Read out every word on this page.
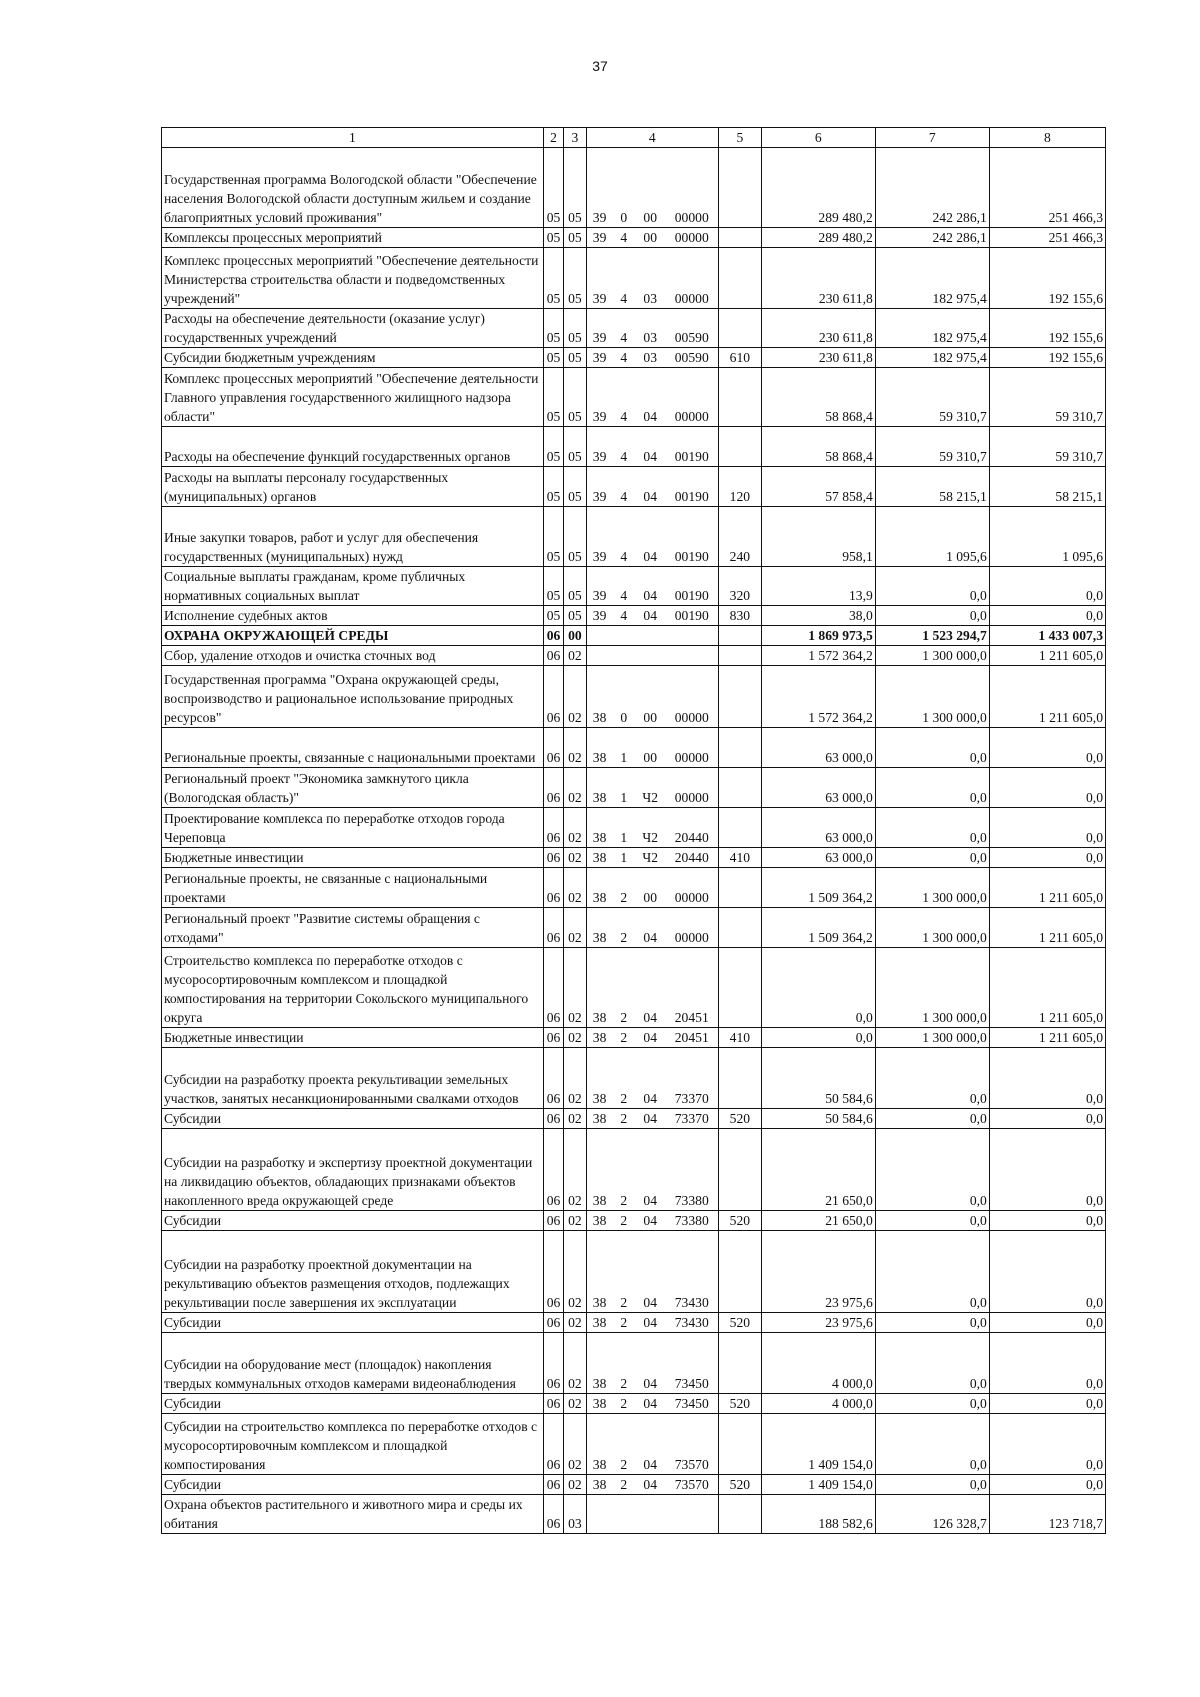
37
1	2	3	4				5	6	7	8
Государственная программа Вологодской области "Обеспечение населения Вологодской области доступным жильем и создание благоприятных условий проживания"	05	05	39	0	00	00000		289 480,2	242 286,1	251 466,3
Комплексы процессных мероприятий	05	05	39	4	00	00000		289 480,2	242 286,1	251 466,3
Комплекс процессных мероприятий "Обеспечение деятельности Министерства строительства области и подведомственных учреждений"	05	05	39	4	03	00000		230 611,8	182 975,4	192 155,6
Расходы на обеспечение деятельности (оказание услуг) государственных учреждений	05	05	39	4	03	00590		230 611,8	182 975,4	192 155,6
Субсидии бюджетным учреждениям	05	05	39	4	03	00590	610	230 611,8	182 975,4	192 155,6
Комплекс процессных мероприятий "Обеспечение деятельности Главного управления государственного жилищного надзора области"	05	05	39	4	04	00000		58 868,4	59 310,7	59 310,7
Расходы на обеспечение функций государственных органов	05	05	39	4	04	00190		58 868,4	59 310,7	59 310,7
Расходы на выплаты персоналу государственных (муниципальных) органов	05	05	39	4	04	00190	120	57 858,4	58 215,1	58 215,1
Иные закупки товаров, работ и услуг для обеспечения государственных (муниципальных) нужд	05	05	39	4	04	00190	240	958,1	1 095,6	1 095,6
Социальные выплаты гражданам, кроме публичных нормативных социальных выплат	05	05	39	4	04	00190	320	13,9	0,0	0,0
Исполнение судебных актов	05	05	39	4	04	00190	830	38,0	0,0	0,0
ОХРАНА ОКРУЖАЮЩЕЙ СРЕДЫ	06	00						1 869 973,5	1 523 294,7	1 433 007,3
Сбор, удаление отходов и очистка сточных вод	06	02						1 572 364,2	1 300 000,0	1 211 605,0
Государственная программа "Охрана окружающей среды, воспроизводство и рациональное использование природных ресурсов"	06	02	38	0	00	00000		1 572 364,2	1 300 000,0	1 211 605,0
Региональные проекты, связанные с национальными проектами	06	02	38	1	00	00000		63 000,0	0,0	0,0
Региональный проект "Экономика замкнутого цикла (Вологодская область)"	06	02	38	1	Ч2	00000		63 000,0	0,0	0,0
Проектирование комплекса по переработке отходов города Череповца	06	02	38	1	Ч2	20440		63 000,0	0,0	0,0
Бюджетные инвестиции	06	02	38	1	Ч2	20440	410	63 000,0	0,0	0,0
Региональные проекты, не связанные с национальными проектами	06	02	38	2	00	00000		1 509 364,2	1 300 000,0	1 211 605,0
Региональный проект "Развитие системы обращения с отходами"	06	02	38	2	04	00000		1 509 364,2	1 300 000,0	1 211 605,0
Строительство комплекса по переработке отходов с мусоросортировочным комплексом и площадкой компостирования на территории Сокольского муниципального округа	06	02	38	2	04	20451		0,0	1 300 000,0	1 211 605,0
Бюджетные инвестиции	06	02	38	2	04	20451	410	0,0	1 300 000,0	1 211 605,0
Субсидии на разработку проекта рекультивации земельных участков, занятых несанкционированными свалками отходов	06	02	38	2	04	73370		50 584,6	0,0	0,0
Субсидии	06	02	38	2	04	73370	520	50 584,6	0,0	0,0
Субсидии на разработку и экспертизу проектной документации на ликвидацию объектов, обладающих признаками объектов накопленного вреда окружающей среде	06	02	38	2	04	73380		21 650,0	0,0	0,0
Субсидии	06	02	38	2	04	73380	520	21 650,0	0,0	0,0
Субсидии на разработку проектной документации на рекультивацию объектов размещения отходов, подлежащих рекультивации после завершения их эксплуатации	06	02	38	2	04	73430		23 975,6	0,0	0,0
Субсидии	06	02	38	2	04	73430	520	23 975,6	0,0	0,0
Субсидии на оборудование мест (площадок) накопления твердых коммунальных отходов камерами видеонаблюдения	06	02	38	2	04	73450		4 000,0	0,0	0,0
Субсидии	06	02	38	2	04	73450	520	4 000,0	0,0	0,0
Субсидии на строительство комплекса по переработке отходов с мусоросортировочным комплексом и площадкой компостирования	06	02	38	2	04	73570		1 409 154,0	0,0	0,0
Субсидии	06	02	38	2	04	73570	520	1 409 154,0	0,0	0,0
Охрана объектов растительного и животного мира и среды их обитания	06	03						188 582,6	126 328,7	123 718,7
